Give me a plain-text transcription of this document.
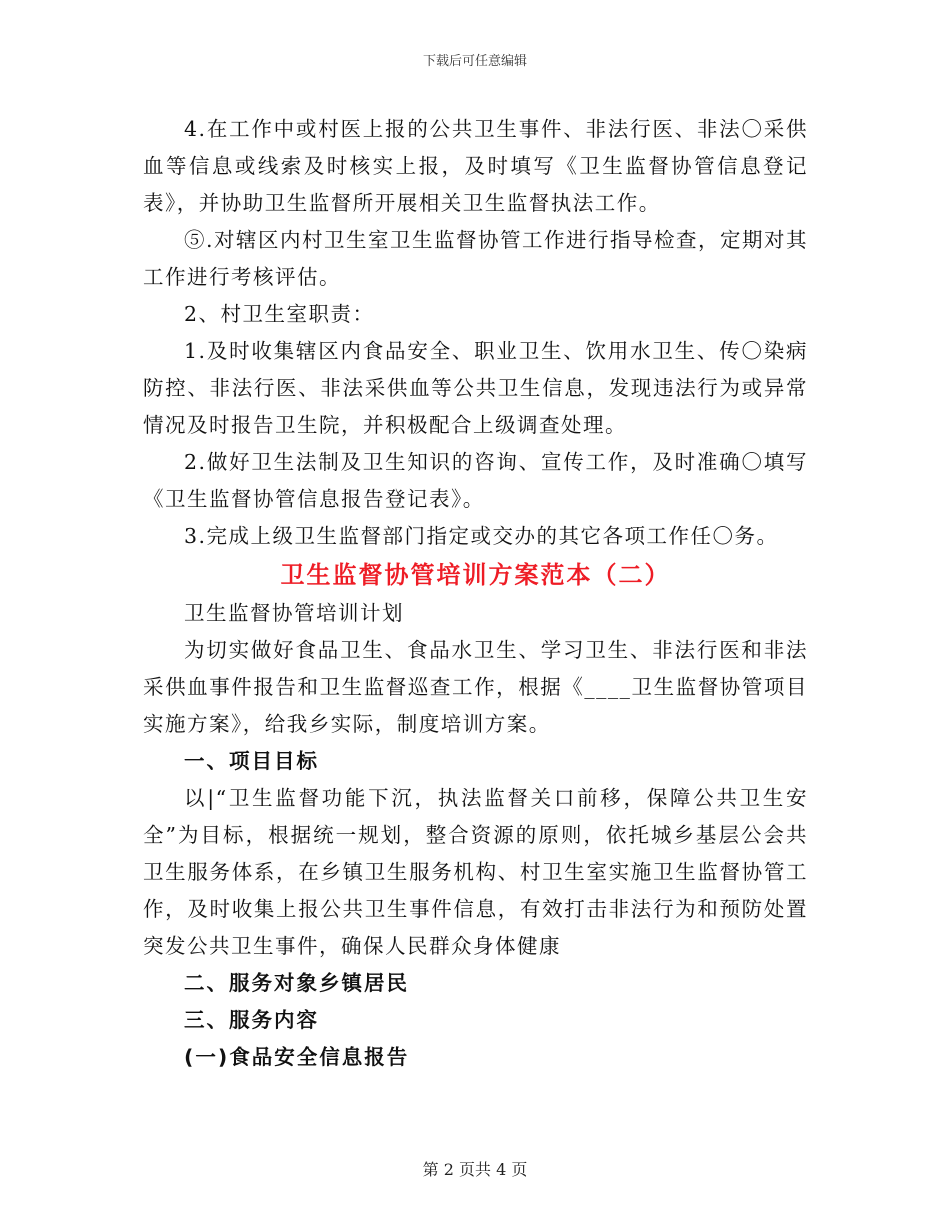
下载后可任意编辑

4.在工作中或村医上报的公共卫生事件、非法行医、非法〇采供血等信息或线索及时核实上报，及时填写《卫生监督协管信息登记表》，并协助卫生监督所开展相关卫生监督执法工作。

⑤.对辖区内村卫生室卫生监督协管工作进行指导检查，定期对其工作进行考核评估。

2、村卫生室职责：

1.及时收集辖区内食品安全、职业卫生、饮用水卫生、传〇染病防控、非法行医、非法采供血等公共卫生信息，发现违法行为或异常情况及时报告卫生院，并积极配合上级调查处理。

2.做好卫生法制及卫生知识的咨询、宣传工作，及时准确〇填写《卫生监督协管信息报告登记表》。

3.完成上级卫生监督部门指定或交办的其它各项工作任〇务。

卫生监督协管培训方案范本（二）

卫生监督协管培训计划

为切实做好食品卫生、食品水卫生、学习卫生、非法行医和非法采供血事件报告和卫生监督巡查工作，根据《____卫生监督协管项目实施方案》，给我乡实际，制度培训方案。

一、项目目标

以|“卫生监督功能下沉，执法监督关口前移，保障公共卫生安全”为目标，根据统一规划，整合资源的原则，依托城乡基层公会共卫生服务体系，在乡镇卫生服务机构、村卫生室实施卫生监督协管工作，及时收集上报公共卫生事件信息，有效打击非法行为和预防处置突发公共卫生事件，确保人民群众身体健康

二、服务对象乡镇居民

三、服务内容

(一)食品安全信息报告

第 2 页共 4 页
